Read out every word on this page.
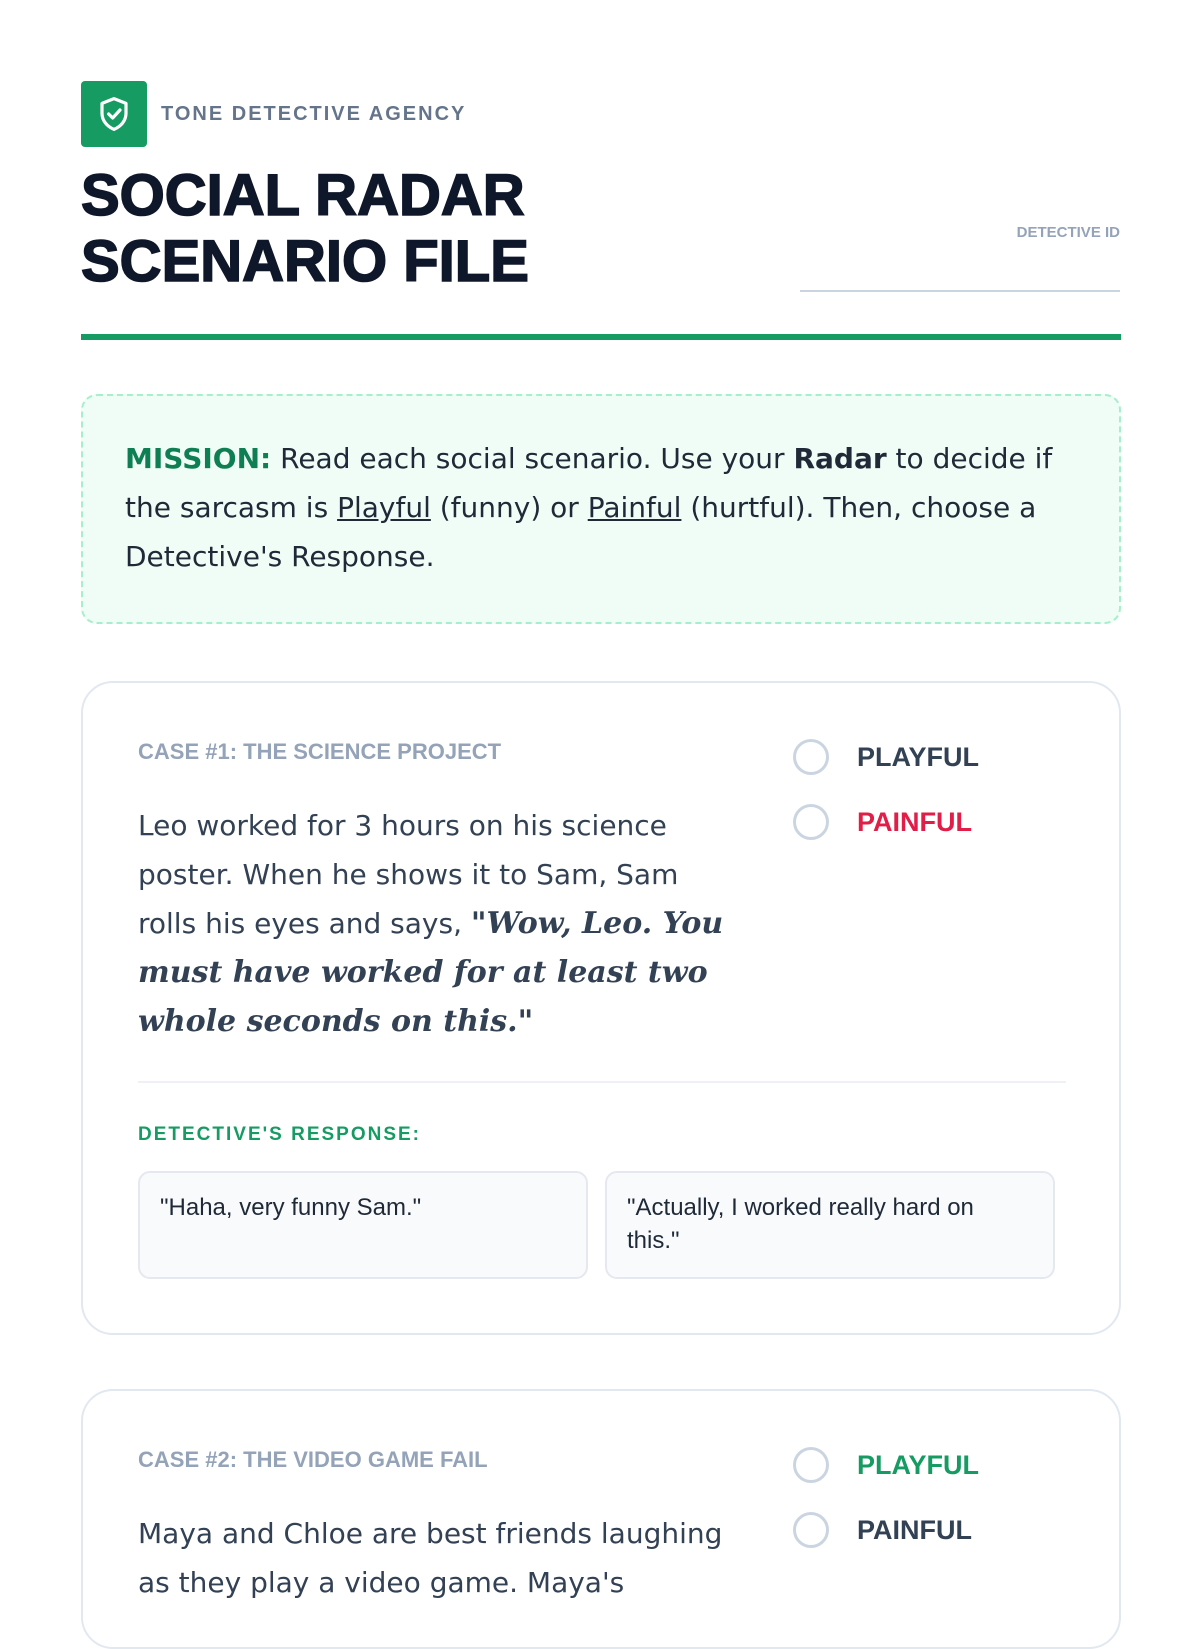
TONE DETECTIVE AGENCY
SOCIAL RADAR
SCENARIO FILE	DETECTIVE ID
MISSION: Read each social scenario. Use your Radar to decide if the sarcasm is Playful (funny) or Painful (hurtful). Then, choose a Detective's Response.
CASE #1: THE SCIENCE PROJECT
Leo worked for 3 hours on his science poster. When he shows it to Sam, Sam rolls his eyes and says, "Wow, Leo. You must have worked for at least two whole seconds on this."
PLAYFUL
PAINFUL
DETECTIVE'S RESPONSE:
"Haha, very funny Sam."	"Actually, I worked really hard on this."
CASE #2: THE VIDEO GAME FAIL
Maya and Chloe are best friends laughing as they play a video game. Maya's
PLAYFUL
PAINFUL
